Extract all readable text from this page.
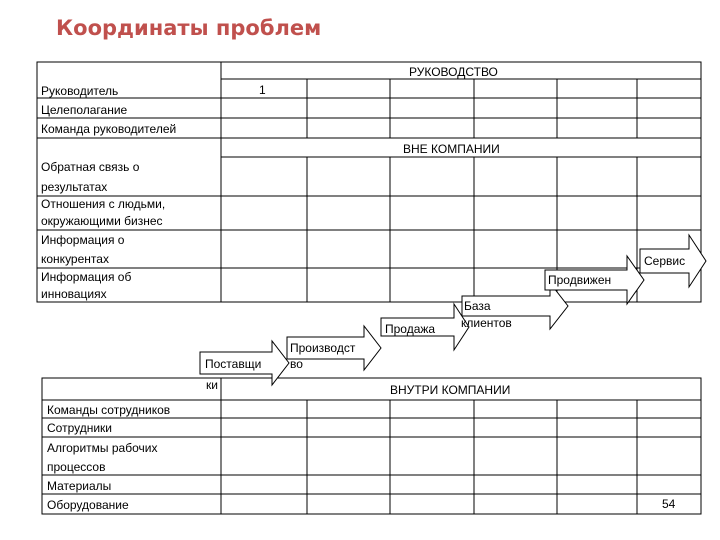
Координаты проблем
РУКОВОДСТВО
Руководитель	1
Целеполагание
Команда руководителей
ВНЕ КОМПАНИИ
Обратная связь о
результатах
Отношения с людьми,
окружающими бизнес
Информация о
конкурентах
Информация об
инновациях
Поставщи
ки
Производст
во
Продажа
База
клиентов
Продвижен
Сервис
ВНУТРИ КОМПАНИИ
Команды сотрудников
Сотрудники
Алгоритмы рабочих
процессов
Материалы
Оборудование	54
